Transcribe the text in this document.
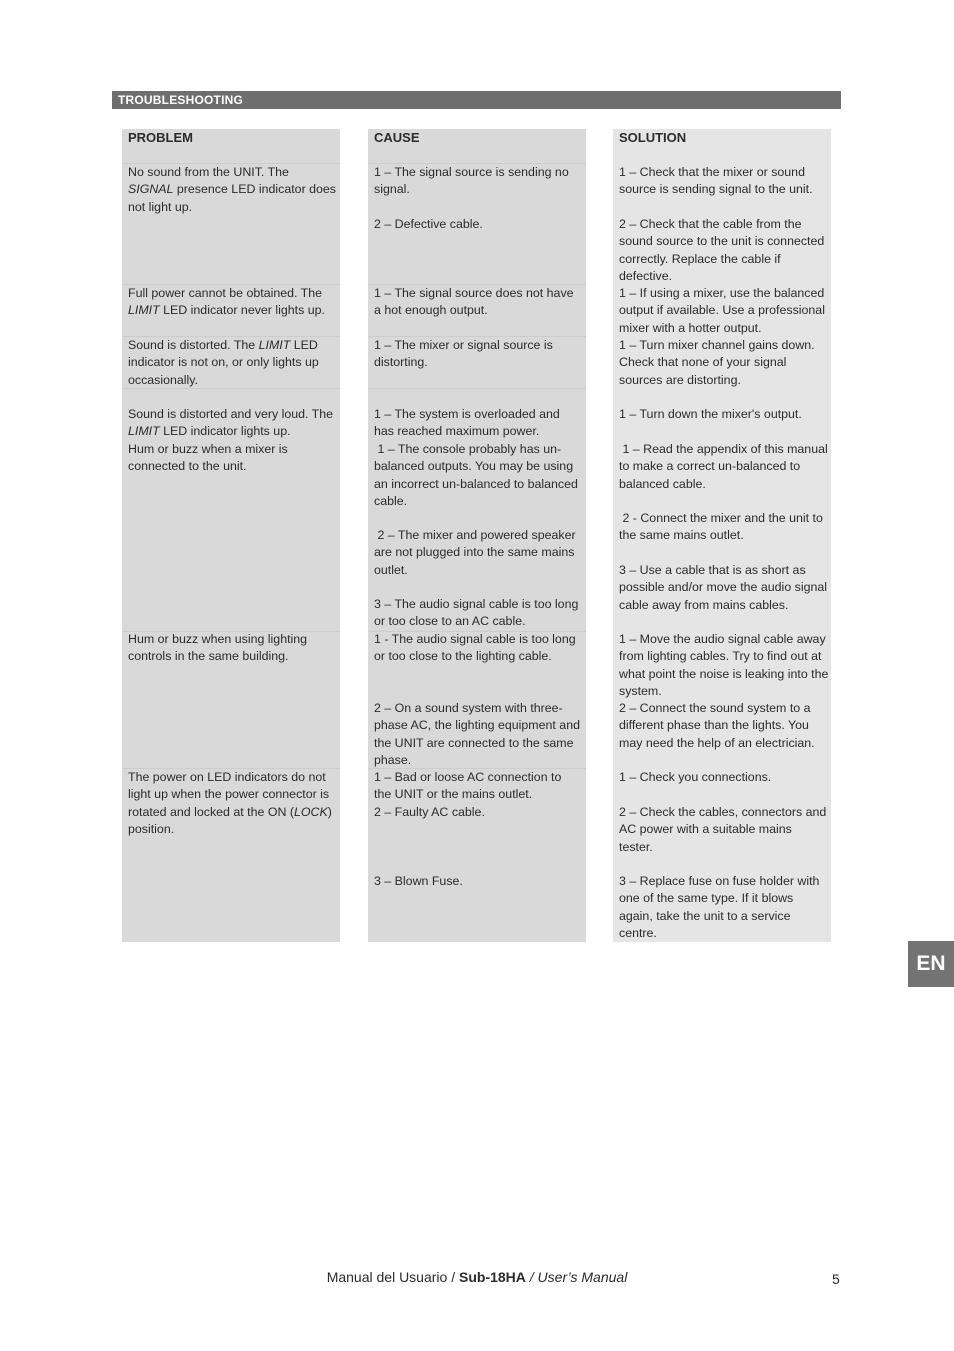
TROUBLESHOOTING
PROBLEM
No sound from the UNIT. The SIGNAL presence LED indicator does not light up.
Full power cannot be obtained. The LIMIT LED indicator never lights up.
Sound is distorted. The LIMIT LED indicator is not on, or only lights up occasionally.
Sound is distorted and very loud. The LIMIT LED indicator lights up.
Hum or buzz when a mixer is connected to the unit.
Hum or buzz when using lighting controls in the same building.
The power on LED indicators do not light up when the power connector is rotated and locked at the ON (LOCK) position.
CAUSE
1 – The signal source is sending no signal.
2 – Defective cable.
1 – The signal source does not have a hot enough output.
1 – The mixer or signal source is distorting.
1 – The system is overloaded and has reached maximum power.
1 – The console probably has un-balanced outputs. You may be using an incorrect un-balanced to balanced cable.
2 – The mixer and powered speaker are not plugged into the same mains outlet.
3 – The audio signal cable is too long or too close to an AC cable.
1 - The audio signal cable is too long or too close to the lighting cable.
2 – On a sound system with three-phase AC, the lighting equipment and the UNIT are connected to the same phase.
1 – Bad or loose AC connection to the UNIT or the mains outlet.
2 – Faulty AC cable.
3 – Blown Fuse.
SOLUTION
1 – Check that the mixer or sound source is sending signal to the unit.
2 – Check that the cable from the sound source to the unit is connected correctly. Replace the cable if defective.
1 – If using a mixer, use the balanced output if available. Use a professional mixer with a hotter output.
1 – Turn mixer channel gains down. Check that none of your signal sources are distorting.
1 – Turn down the mixer's output.
1 – Read the appendix of this manual to make a correct un-balanced to balanced cable.
2 - Connect the mixer and the unit to the same mains outlet.
3 – Use a cable that is as short as possible and/or move the audio signal cable away from mains cables.
1 – Move the audio signal cable away from lighting cables. Try to find out at what point the noise is leaking into the system.
2 – Connect the sound system to a different phase than the lights. You may need the help of an electrician.
1 – Check you connections.
2 – Check the cables, connectors and AC power with a suitable mains tester.
3 – Replace fuse on fuse holder with one of the same type. If it blows again, take the unit to a service centre.
EN
Manual del Usuario / Sub-18HA / User’s Manual	5
